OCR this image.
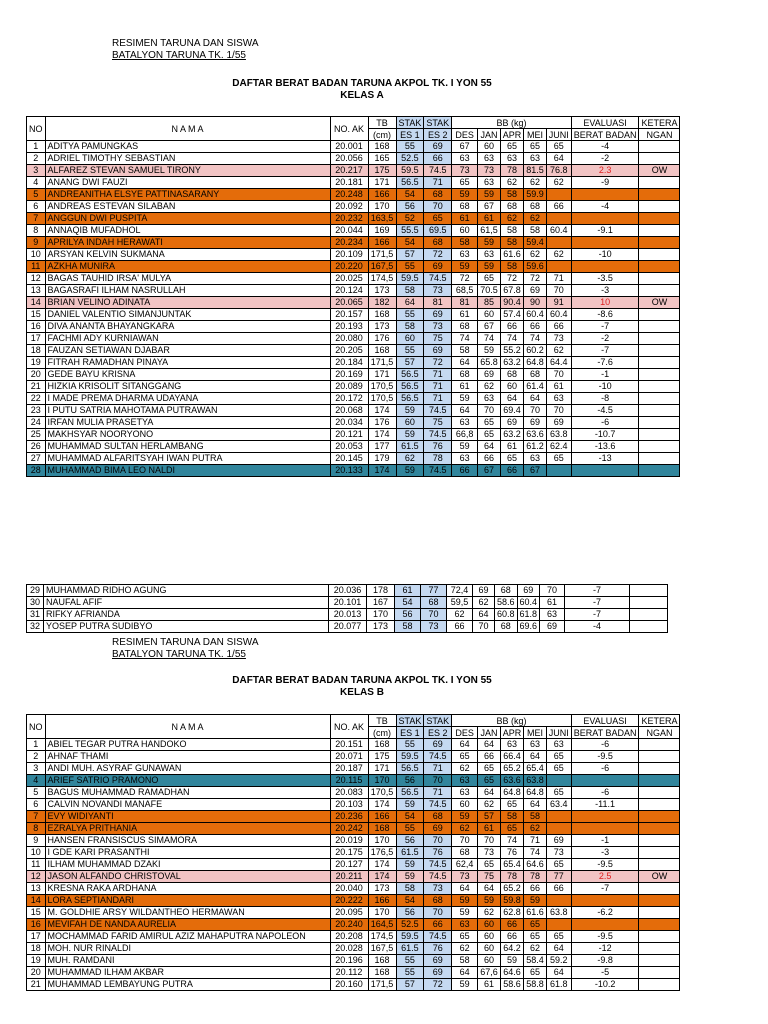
RESIMEN TARUNA DAN SISWA
BATALYON TARUNA TK. 1/55
DAFTAR BERAT BADAN TARUNA AKPOL TK. I YON 55
KELAS A
NO	N A M A	NO. AK	TB	STAK	STAK	BB (kg)					EVALUASI	KETERA
			(cm)	ES 1	ES 2	DES	JAN	APR	MEI	JUNI	BERAT BADAN	NGAN
1	ADITYA PAMUNGKAS	20.001	168	55	69	67	60	65	65	65	-4	
2	ADRIEL TIMOTHY SEBASTIAN	20.056	165	52.5	66	63	63	63	63	64	-2	
3	ALFAREZ STEVAN SAMUEL TIRONY	20.217	175	59.5	74.5	73	73	78	81.5	76.8	2.3	OW
4	ANANG DWI FAUZI	20.181	171	56.5	71	65	63	62	62	62	-9	
5	ANDREANITHA ELSYE PATTINASARANY	20.248	166	54	68	59	59	58	59.9			
6	ANDREAS ESTEVAN SILABAN	20.092	170	56	70	68	67	68	68	66	-4	
7	ANGGUN DWI PUSPITA	20.232	163,5	52	65	61	61	62	62			
8	ANNAQIB MUFADHOL	20.044	169	55.5	69.5	60	61,5	58	58	60.4	-9.1	
9	APRILYA INDAH HERAWATI	20.234	166	54	68	58	59	58	59.4			
10	ARSYAN KELVIN SUKMANA	20.109	171,5	57	72	63	63	61.6	62	62	-10	
11	AZKHA MUNIRA	20.220	167,5	55	69	59	59	58	59.6			
12	BAGAS TAUHID IRSA' MULYA	20.025	174,5	59.5	74.5	72	65	72	72	71	-3.5	
13	BAGASRAFI ILHAM NASRULLAH	20.124	173	58	73	68,5	70.5	67.8	69	70	-3	
14	BRIAN VELINO ADINATA	20.065	182	64	81	81	85	90.4	90	91	10	OW
15	DANIEL VALENTIO SIMANJUNTAK	20.157	168	55	69	61	60	57.4	60.4	60.4	-8.6	
16	DIVA ANANTA BHAYANGKARA	20.193	173	58	73	68	67	66	66	66	-7	
17	FACHMI ADY KURNIAWAN	20.080	176	60	75	74	74	74	74	73	-2	
18	FAUZAN SETIAWAN DJABAR	20.205	168	55	69	58	59	55.2	60.2	62	-7	
19	FITRAH RAMADHAN PINAYA	20.184	171,5	57	72	64	65.8	63.2	64.8	64.4	-7.6	
20	GEDE BAYU KRISNA	20.169	171	56.5	71	68	69	68	68	70	-1	
21	HIZKIA KRISOLIT SITANGGANG	20.089	170,5	56.5	71	61	62	60	61.4	61	-10	
22	I MADE PREMA DHARMA UDAYANA	20.172	170,5	56.5	71	59	63	64	64	63	-8	
23	I PUTU SATRIA MAHOTAMA PUTRAWAN	20.068	174	59	74.5	64	70	69.4	70	70	-4.5	
24	IRFAN MULIA PRASETYA	20.034	176	60	75	63	65	69	69	69	-6	
25	MAKHSYAR NOORYONO	20.121	174	59	74.5	66,8	65	63.2	63.6	63.8	-10.7	
26	MUHAMMAD SULTAN HERLAMBANG	20.053	177	61.5	76	59	64	61	61.2	62.4	-13.6	
27	MUHAMMAD ALFARITSYAH IWAN PUTRA	20.145	179	62	78	63	66	65	63	65	-13	
28	MUHAMMAD BIMA LEO NALDI	20.133	174	59	74.5	66	67	66	67			
29	MUHAMMAD RIDHO AGUNG	20.036	178	61	77	72,4	69	68	69	70	-7	
30	NAUFAL AFIF	20.101	167	54	68	59,5	62	58.6	60.4	61	-7	
31	RIFKY AFRIANDA	20.013	170	56	70	62	64	60.8	61.8	63	-7	
32	YOSEP PUTRA SUDIBYO	20.077	173	58	73	66	70	68	69.6	69	-4	
RESIMEN TARUNA DAN SISWA
BATALYON TARUNA TK. 1/55
DAFTAR BERAT BADAN TARUNA AKPOL TK. I YON 55
KELAS B
NO	N A M A	NO. AK	TB	STAK	STAK	BB (kg)					EVALUASI	KETERA
			(cm)	ES 1	ES 2	DES	JAN	APR	MEI	JUNI	BERAT BADAN	NGAN
1	ABIEL TEGAR PUTRA HANDOKO	20.151	168	55	69	64	64	63	63	63	-6	
2	AHNAF THAMI	20.071	175	59.5	74.5	65	66	66.4	64	65	-9.5	
3	ANDI MUH. ASYRAF GUNAWAN	20.187	171	56.5	71	62	65	65.2	65.4	65	-6	
4	ARIEF SATRIO PRAMONO	20.115	170	56	70	63	65	63.6	63.8			
5	BAGUS MUHAMMAD RAMADHAN	20.083	170,5	56.5	71	63	64	64.8	64.8	65	-6	
6	CALVIN NOVANDI MANAFE	20.103	174	59	74.5	60	62	65	64	63.4	-11.1	
7	EVY WIDIYANTI	20.236	166	54	68	59	57	58	58			
8	EZRALYA PRITHANIA	20.242	168	55	69	62	61	65	62			
9	HANSEN FRANSISCUS SIMAMORA	20.019	170	56	70	70	70	74	71	69	-1	
10	I GDE KARI PRASANTHI	20.175	176,5	61.5	76	68	73	76	74	73	-3	
11	ILHAM MUHAMMAD DZAKI	20.127	174	59	74.5	62,4	65	65.4	64.6	65	-9.5	
12	JASON ALFANDO CHRISTOVAL	20.211	174	59	74.5	73	75	78	78	77	2.5	OW
13	KRESNA RAKA ARDHANA	20.040	173	58	73	64	64	65.2	66	66	-7	
14	LORA SEPTIANDARI	20.222	166	54	68	59	59	59.8	59			
15	M. GOLDHIE ARSY WILDANTHEO HERMAWAN	20.095	170	56	70	59	62	62.8	61.6	63.8	-6.2	
16	MEVIFAH DE NANDA AURELIA	20.240	164,5	52.5	66	63	60	66	65			
17	MOCHAMMAD FARID AMIRUL AZIZ MAHAPUTRA NAPOLEON	20.208	174,5	59.5	74.5	65	60	66	65	65	-9.5	
18	MOH. NUR RINALDI	20.028	167,5	61.5	76	62	60	64.2	62	64	-12	
19	MUH. RAMDANI	20.196	168	55	69	58	60	59	58.4	59.2	-9.8	
20	MUHAMMAD ILHAM AKBAR	20.112	168	55	69	64	67,6	64.6	65	64	-5	
21	MUHAMMAD LEMBAYUNG PUTRA	20.160	171,5	57	72	59	61	58.6	58.8	61.8	-10.2	
